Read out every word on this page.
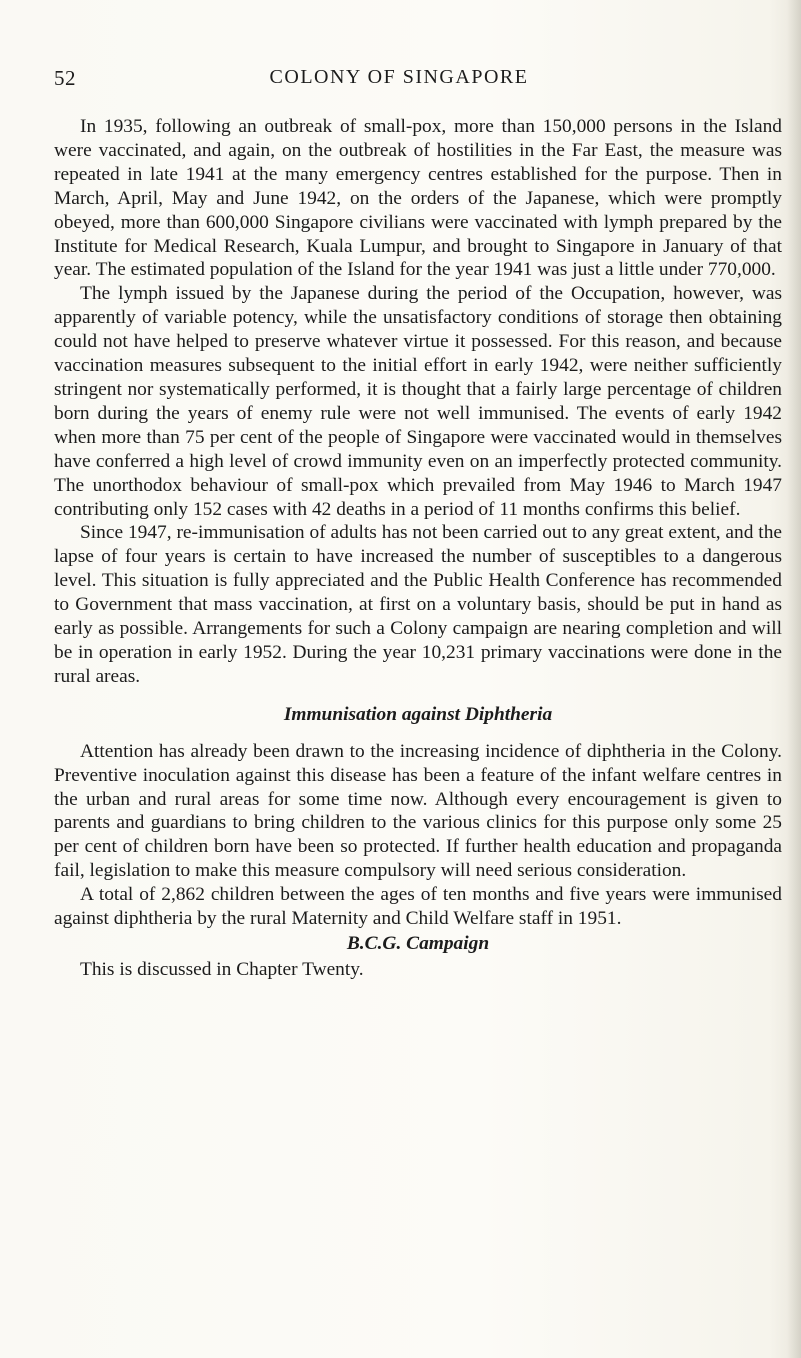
52	COLONY OF SINGAPORE

In 1935, following an outbreak of small-pox, more than 150,000 persons in the Island were vaccinated, and again, on the outbreak of hostilities in the Far East, the measure was repeated in late 1941 at the many emergency centres established for the purpose. Then in March, April, May and June 1942, on the orders of the Japanese, which were promptly obeyed, more than 600,000 Singapore civilians were vaccinated with lymph prepared by the Institute for Medical Research, Kuala Lumpur, and brought to Singapore in January of that year. The estimated population of the Island for the year 1941 was just a little under 770,000.

The lymph issued by the Japanese during the period of the Occupation, however, was apparently of variable potency, while the unsatisfactory conditions of storage then obtaining could not have helped to preserve whatever virtue it possessed. For this reason, and because vaccination measures subsequent to the initial effort in early 1942, were neither sufficiently stringent nor systematically performed, it is thought that a fairly large percentage of children born during the years of enemy rule were not well immunised. The events of early 1942 when more than 75 per cent of the people of Singapore were vaccinated would in themselves have conferred a high level of crowd immunity even on an imperfectly protected community. The unorthodox behaviour of small-pox which prevailed from May 1946 to March 1947 contributing only 152 cases with 42 deaths in a period of 11 months confirms this belief.

Since 1947, re-immunisation of adults has not been carried out to any great extent, and the lapse of four years is certain to have increased the number of susceptibles to a dangerous level. This situation is fully appreciated and the Public Health Conference has recommended to Government that mass vaccination, at first on a voluntary basis, should be put in hand as early as possible. Arrangements for such a Colony campaign are nearing completion and will be in operation in early 1952. During the year 10,231 primary vaccinations were done in the rural areas.

Immunisation against Diphtheria

Attention has already been drawn to the increasing incidence of diphtheria in the Colony. Preventive inoculation against this disease has been a feature of the infant welfare centres in the urban and rural areas for some time now. Although every encouragement is given to parents and guardians to bring children to the various clinics for this purpose only some 25 per cent of children born have been so protected. If further health education and propaganda fail, legislation to make this measure compulsory will need serious consideration.

A total of 2,862 children between the ages of ten months and five years were immunised against diphtheria by the rural Maternity and Child Welfare staff in 1951.

B.C.G. Campaign

This is discussed in Chapter Twenty.
